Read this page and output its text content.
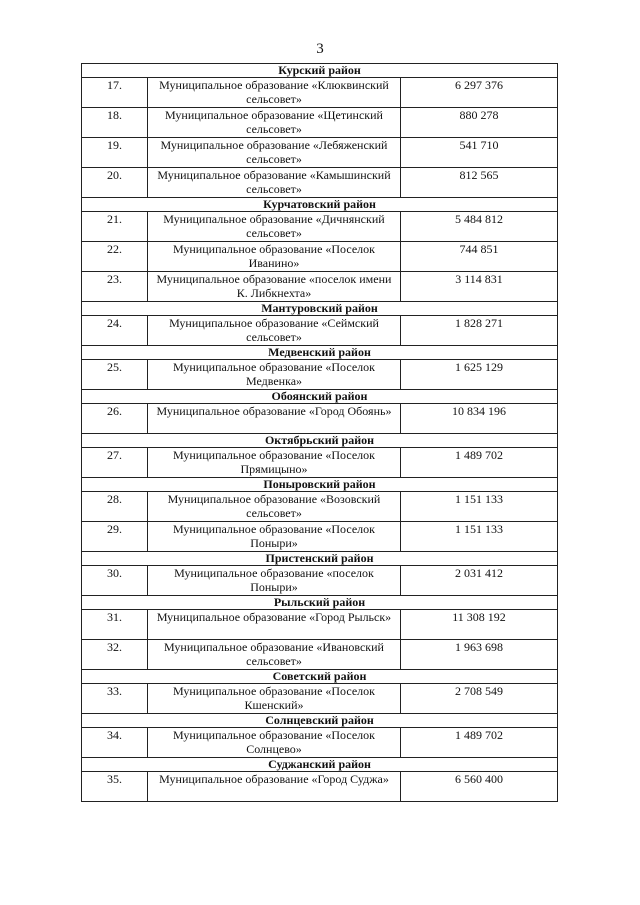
3
Курский район		
17.	Муниципальное образование «Клюквинский сельсовет»	6 297 376
18.	Муниципальное образование «Щетинский сельсовет»	880 278
19.	Муниципальное образование «Лебяженский сельсовет»	541 710
20.	Муниципальное образование «Камышинский сельсовет»	812 565
Курчатовский район		
21.	Муниципальное образование «Дичнянский сельсовет»	5 484 812
22.	Муниципальное образование «Поселок Иванино»	744 851
23.	Муниципальное образование «поселок имени К. Либкнехта»	3 114 831
Мантуровский район		
24.	Муниципальное образование «Сеймский сельсовет»	1 828 271
Медвенский район		
25.	Муниципальное образование «Поселок Медвенка»	1 625 129
Обоянский район		
26.	Муниципальное образование «Город Обоянь»	10 834 196
Октябрьский район		
27.	Муниципальное образование «Поселок Прямицыно»	1 489 702
Поныровский район		
28.	Муниципальное образование «Возовский сельсовет»	1 151 133
29.	Муниципальное образование «Поселок Поныри»	1 151 133
Пристенский район		
30.	Муниципальное образование «поселок Поныри»	2 031 412
Рыльский район		
31.	Муниципальное образование «Город Рыльск»	11 308 192
32.	Муниципальное образование «Ивановский сельсовет»	1 963 698
Советский район		
33.	Муниципальное образование «Поселок Кшенский»	2 708 549
Солнцевский район		
34.	Муниципальное образование «Поселок Солнцево»	1 489 702
Суджанский район		
35.	Муниципальное образование «Город Суджа»	6 560 400
